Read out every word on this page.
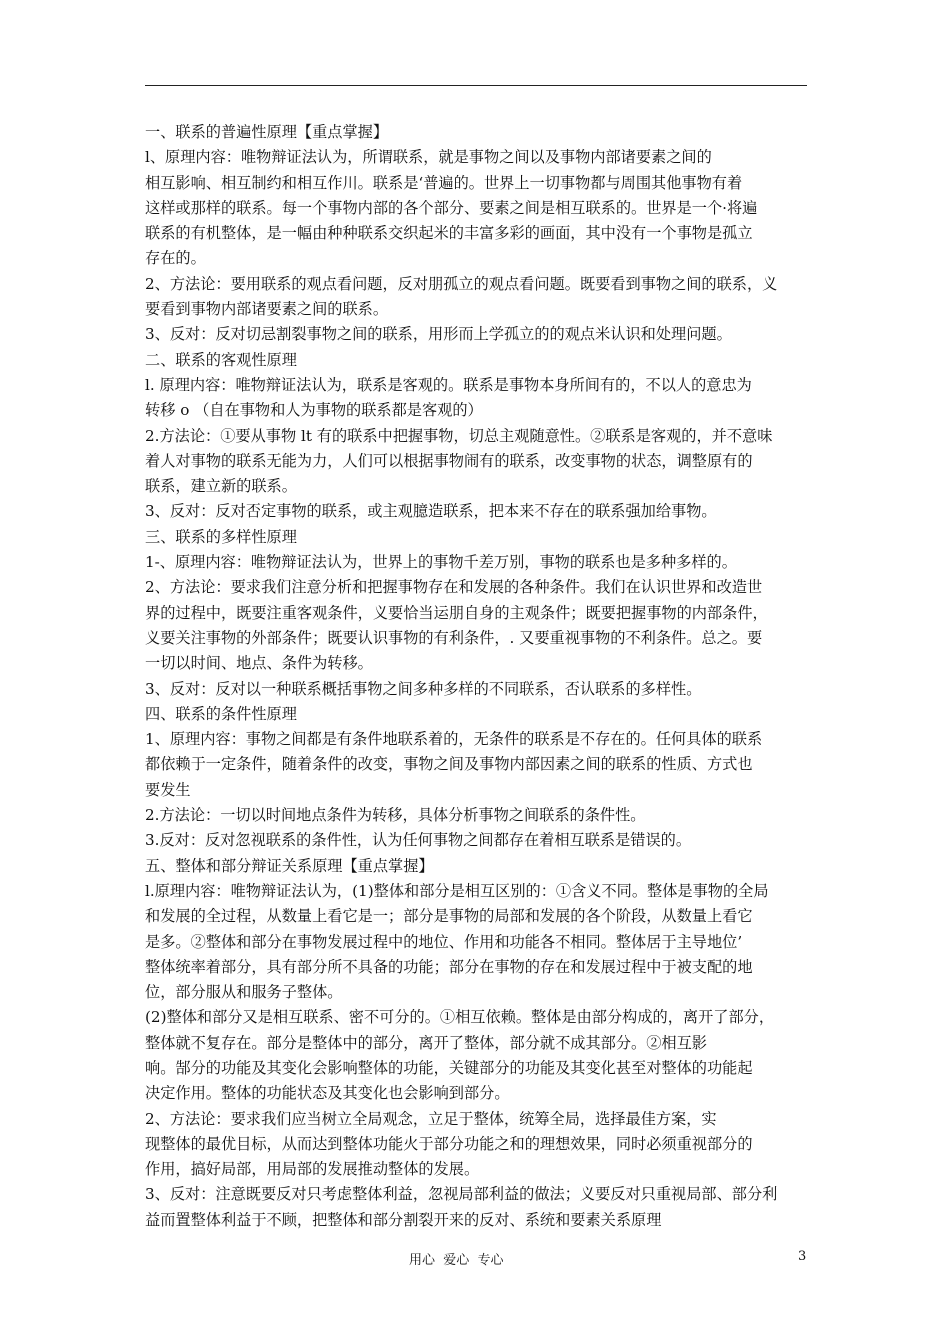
一、联系的普遍性原理【重点掌握】
l、原理内容：唯物辩证法认为，所谓联系，就是事物之间以及事物内部诸要素之间的
相互影响、相互制约和相互作川。联系是‘普遍的。世界上一切事物都与周围其他事物有着
这样或那样的联系。每一个事物内部的各个部分、要素之间是相互联系的。世界是一个·将遍
联系的有机整体，是一幅由种种联系交织起米的丰富多彩的画面，其中没有一个事物是孤立
存在的。
2、方法论：要用联系的观点看问题，反对朋孤立的观点看问题。既要看到事物之间的联系，义
要看到事物内部诸要素之间的联系。
3、反对：反对切忌割裂事物之间的联系，用形而上学孤立的的观点米认识和处理问题。
二、联系的客观性原理
l. 原理内容：唯物辩证法认为，联系是客观的。联系是事物本身所间有的，不以人的意忠为
转移 o （自在事物和人为事物的联系都是客观的）
2.方法论：①要从事物 lt 有的联系中把握事物，切总主观随意性。②联系是客观的，并不意味
着人对事物的联系无能为力，人们可以根据事物闹有的联系，改变事物的状态，调整原有的
联系，建立新的联系。
3、反对：反对否定事物的联系，或主观臆造联系，把本来不存在的联系强加给事物。
三、联系的多样性原理
1-、原理内容：唯物辩证法认为，世界上的事物千差万别，事物的联系也是多种多样的。
2、方法论：要求我们注意分析和把握事物存在和发展的各种条件。我们在认识世界和改造世
界的过程中，既要注重客观条件，义要恰当运朋自身的主观条件；既要把握事物的内部条件，
义要关注事物的外部条件；既要认识事物的有利条件，. 又要重视事物的不利条件。总之。要
一切以时间、地点、条件为转移。
3、反对：反对以一种联系概括事物之间多种多样的不同联系，否认联系的多样性。
四、联系的条件性原理
1、原理内容：事物之间都是有条件地联系着的，无条件的联系是不存在的。任何具体的联系
都依赖于一定条件，随着条件的改变，事物之间及事物内部因素之间的联系的性质、方式也
要发生
2.方法论：一切以时间地点条件为转移，具体分析事物之间联系的条件性。
3.反对：反对忽视联系的条件性，认为任何事物之间都存在着相互联系是错误的。
五、整体和部分辩证关系原理【重点掌握】
l.原理内容：唯物辩证法认为，(1)整体和部分是相互区别的：①含义不同。整体是事物的全局
和发展的全过程，从数量上看它是一；部分是事物的局部和发展的各个阶段，从数量上看它
是多。②整体和部分在事物发展过程中的地位、作用和功能各不相同。整体居于主导地位’
整体统率着部分，具有部分所不具备的功能；部分在事物的存在和发展过程中于被支配的地
位，部分服从和服务子整体。
(2)整体和部分又是相互联系、密不可分的。①相互依赖。整体是由部分构成的，离开了部分，
整体就不复存在。部分是整体中的部分，离开了整体，部分就不成其部分。②相互影
响。郜分的功能及其变化会影响整体的功能，关键部分的功能及其变化甚至对整体的功能起
决定作用。整体的功能状态及其变化也会影响到部分。
2、方法论：要求我们应当树立全局观念，立足于整体，统筹全局，选择最佳方案，实
现整体的最优目标，从而达到整体功能火于部分功能之和的理想效果，同时必须重视部分的
作用，搞好局部，用局部的发展推动整体的发展。
3、反对：注意既要反对只考虑整体利益，忽视局部利益的做法；义要反对只重视局部、部分利
益而置整体利益于不顾，把整体和部分割裂开来的反对、系统和要素关系原理
用心  爱心  专心	3
